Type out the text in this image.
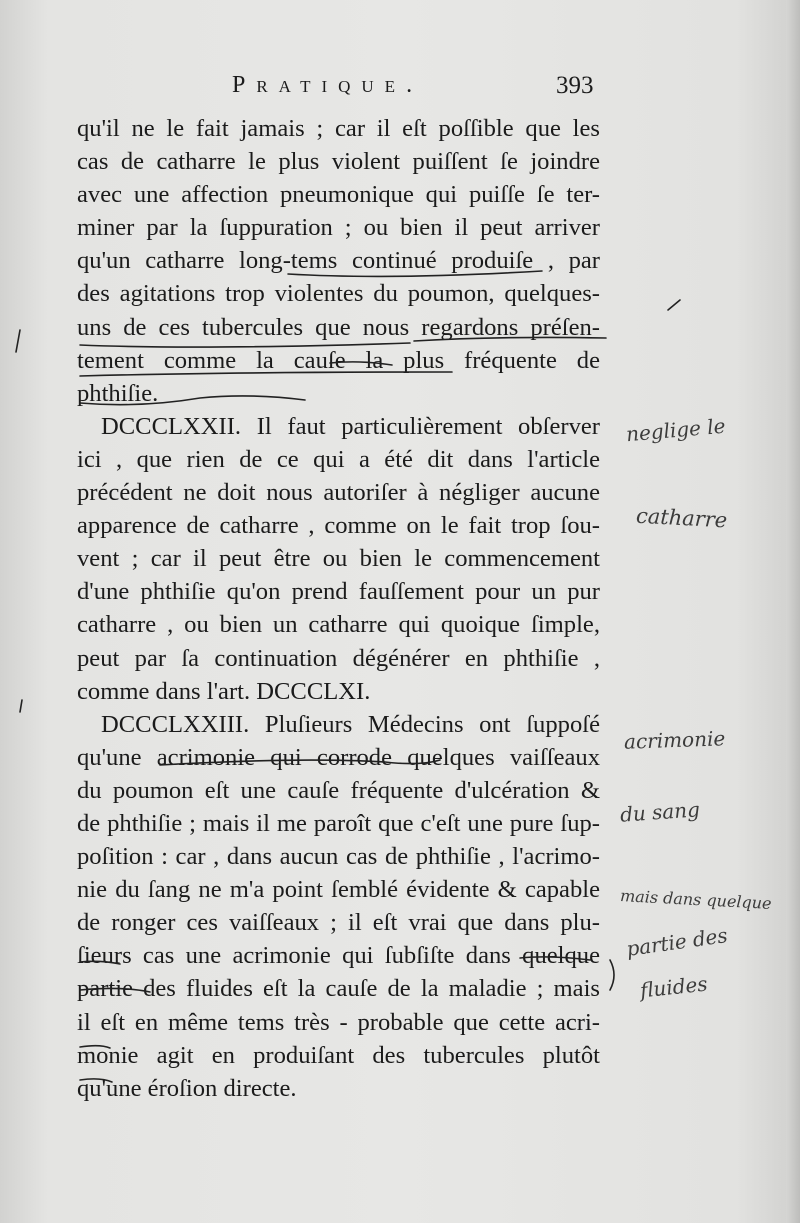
Pratique.	393
qu'il ne le fait jamais ; car il eſt poſſible que les
cas de catharre le plus violent puiſſent ſe joindre
avec une affection pneumonique qui puiſſe ſe ter-
miner par la ſuppuration ; ou bien il peut arriver
qu'un catharre long-tems continué produiſe , par
des agitations trop violentes du poumon, quelques-
uns de ces tubercules que nous regardons préſen-
tement comme la cauſe la plus fréquente de
phthiſie.
DCCCLXXII. Il faut particulièrement obſerver
ici , que rien de ce qui a été dit dans l'article
précédent ne doit nous autoriſer à négliger aucune
apparence de catharre , comme on le fait trop ſou-
vent ; car il peut être ou bien le commencement
d'une phthiſie qu'on prend fauſſement pour un pur
catharre , ou bien un catharre qui quoique ſimple,
peut par ſa continuation dégénérer en phthiſie ,
comme dans l'art. DCCCLXI.
DCCCLXXIII. Pluſieurs Médecins ont ſuppoſé
qu'une acrimonie qui corrode quelques vaiſſeaux
du poumon eſt une cauſe fréquente d'ulcération &
de phthiſie ; mais il me paroît que c'eſt une pure ſup-
poſition : car , dans aucun cas de phthiſie , l'acrimo-
nie du ſang ne m'a point ſemblé évidente & capable
de ronger ces vaiſſeaux ; il eſt vrai que dans plu-
ſieurs cas une acrimonie qui ſubſiſte dans quelque
partie des fluides eſt la cauſe de la maladie ; mais
il eſt en même tems très - probable que cette acri-
monie agit en produiſant des tubercules plutôt
qu'une éroſion directe.
neglige le
catharre
acrimonie
du sang
mais dans quelque
partie des
fluides
